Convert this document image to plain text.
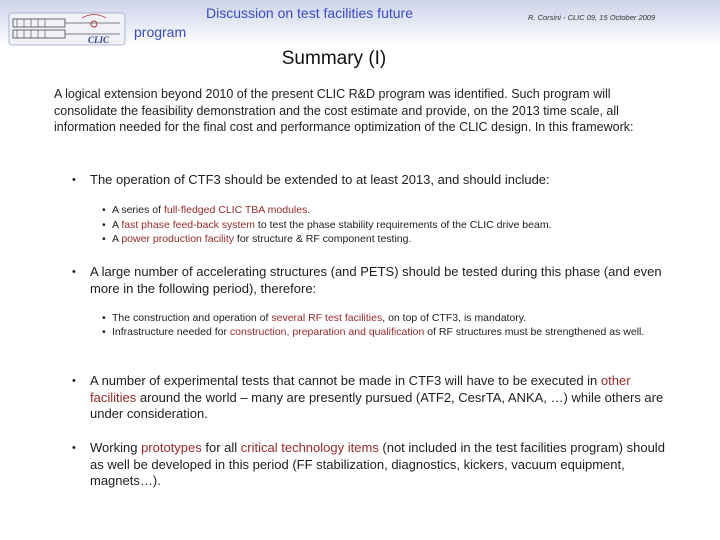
CLIC
Discussion on test facilities future
program
R. Corsini - CLIC 09, 15 October 2009
Summary (I)
A logical extension beyond 2010 of the present CLIC R&D program was identified. Such program will consolidate the feasibility demonstration and the cost estimate and provide, on the 2013 time scale, all information needed for the final cost and performance optimization of the CLIC design. In this framework:
• The operation of CTF3 should be extended to at least 2013, and should include:
• A series of full-fledged CLIC TBA modules.
• A fast phase feed-back system to test the phase stability requirements of the CLIC drive beam.
• A power production facility for structure & RF component testing.
• A large number of accelerating structures (and PETS) should be tested during this phase (and even more in the following period), therefore:
• The construction and operation of several RF test facilities, on top of CTF3, is mandatory.
• Infrastructure needed for construction, preparation and qualification of RF structures must be strengthened as well.
• A number of experimental tests that cannot be made in CTF3 will have to be executed in other facilities around the world – many are presently pursued (ATF2, CesrTA, ANKA, …) while others are under consideration.
• Working prototypes for all critical technology items (not included in the test facilities program) should as well be developed in this period (FF stabilization, diagnostics, kickers, vacuum equipment, magnets…).
